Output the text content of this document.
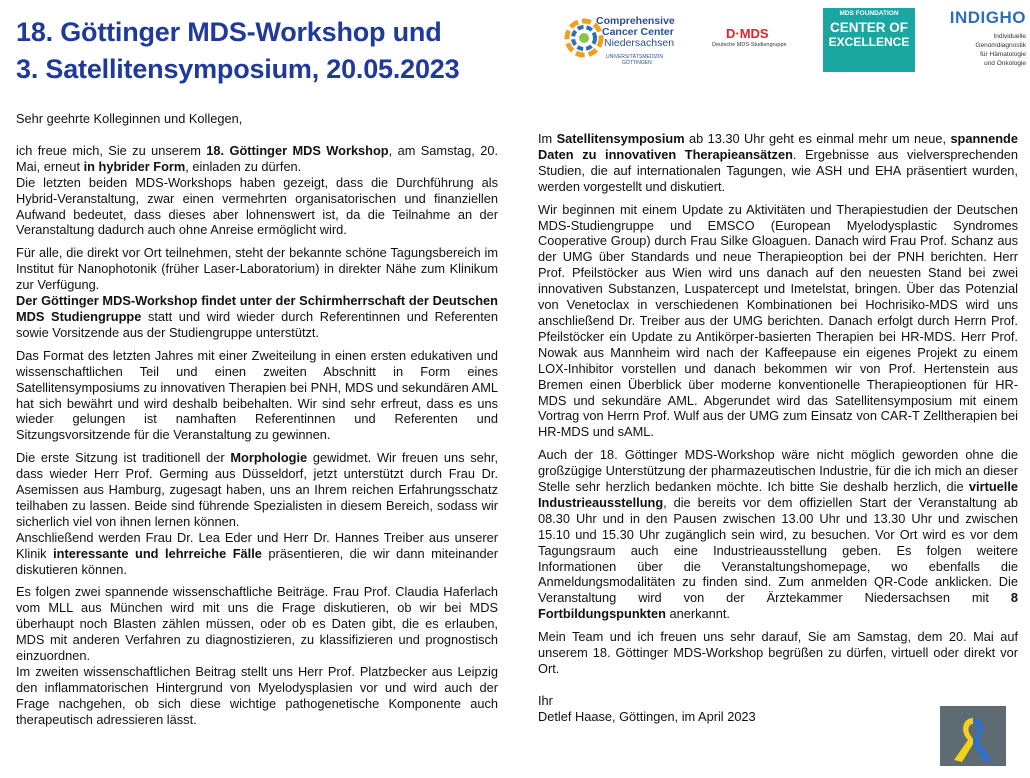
18. Göttinger MDS-Workshop und
3. Satellitensymposium, 20.05.2023
Comprehensive
Cancer Center
Niedersachsen
UNIVERSITÄTSMEDIZIN
GÖTTINGEN
D·MDS
Deutsche MDS-Studiengruppe
MDS FOUNDATION
CENTER OF
EXCELLENCE
INDIGHO
Individuelle
Genomdiagnostik
für Hämatologie
und Onkologie

Sehr geehrte Kolleginnen und Kollegen,

ich freue mich, Sie zu unserem 18. Göttinger MDS Workshop, am Samstag, 20. Mai, erneut in hybrider Form, einladen zu dürfen.

Die letzten beiden MDS-Workshops haben gezeigt, dass die Durchführung als Hybrid-Veranstaltung, zwar einen vermehrten organisatorischen und finanziellen Aufwand bedeutet, dass dieses aber lohnenswert ist, da die Teilnahme an der Veranstaltung dadurch auch ohne Anreise ermöglicht wird.

Für alle, die direkt vor Ort teilnehmen, steht der bekannte schöne Tagungsbereich im Institut für Nanophotonik (früher Laser-Laboratorium) in direkter Nähe zum Klinikum zur Verfügung.

Der Göttinger MDS-Workshop findet unter der Schirmherrschaft der Deutschen MDS Studiengruppe statt und wird wieder durch Referentinnen und Referenten sowie Vorsitzende aus der Studiengruppe unterstützt.

Das Format des letzten Jahres mit einer Zweiteilung in einen ersten edukativen und wissenschaftlichen Teil und einen zweiten Abschnitt in Form eines Satellitensymposiums zu innovativen Therapien bei PNH, MDS und sekundären AML hat sich bewährt und wird deshalb beibehalten. Wir sind sehr erfreut, dass es uns wieder gelungen ist namhaften Referentinnen und Referenten und Sitzungsvorsitzende für die Veranstaltung zu gewinnen.

Die erste Sitzung ist traditionell der Morphologie gewidmet. Wir freuen uns sehr, dass wieder Herr Prof. Germing aus Düsseldorf, jetzt unterstützt durch Frau Dr. Asemissen aus Hamburg, zugesagt haben, uns an Ihrem reichen Erfahrungsschatz teilhaben zu lassen. Beide sind führende Spezialisten in diesem Bereich, sodass wir sicherlich viel von ihnen lernen können.

Anschließend werden Frau Dr. Lea Eder und Herr Dr. Hannes Treiber aus unserer Klinik interessante und lehrreiche Fälle präsentieren, die wir dann miteinander diskutieren können.

Es folgen zwei spannende wissenschaftliche Beiträge. Frau Prof. Claudia Haferlach vom MLL aus München wird mit uns die Frage diskutieren, ob wir bei MDS überhaupt noch Blasten zählen müssen, oder ob es Daten gibt, die es erlauben, MDS mit anderen Verfahren zu diagnostizieren, zu klassifizieren und prognostisch einzuordnen.

Im zweiten wissenschaftlichen Beitrag stellt uns Herr Prof. Platzbecker aus Leipzig den inflammatorischen Hintergrund von Myelodysplasien vor und wird auch der Frage nachgehen, ob sich diese wichtige pathogenetische Komponente auch therapeutisch adressieren lässt.

Im Satellitensymposium ab 13.30 Uhr geht es einmal mehr um neue, spannende Daten zu innovativen Therapieansätzen. Ergebnisse aus vielversprechenden Studien, die auf internationalen Tagungen, wie ASH und EHA präsentiert wurden, werden vorgestellt und diskutiert.

Wir beginnen mit einem Update zu Aktivitäten und Therapiestudien der Deutschen MDS-Studiengruppe und EMSCO (European Myelodysplastic Syndromes Cooperative Group) durch Frau Silke Gloaguen. Danach wird Frau Prof. Schanz aus der UMG über Standards und neue Therapieoption bei der PNH berichten. Herr Prof. Pfeilstöcker aus Wien wird uns danach auf den neuesten Stand bei zwei innovativen Substanzen, Luspatercept und Imetelstat, bringen. Über das Potenzial von Venetoclax in verschiedenen Kombinationen bei Hochrisiko-MDS wird uns anschließend Dr. Treiber aus der UMG berichten. Danach erfolgt durch Herrn Prof. Pfeilstöcker ein Update zu Antikörper-basierten Therapien bei HR-MDS. Herr Prof. Nowak aus Mannheim wird nach der Kaffeepause ein eigenes Projekt zu einem LOX-Inhibitor vorstellen und danach bekommen wir von Prof. Hertenstein aus Bremen einen Überblick über moderne konventionelle Therapieoptionen für HR-MDS und sekundäre AML. Abgerundet wird das Satellitensymposium mit einem Vortrag von Herrn Prof. Wulf aus der UMG zum Einsatz von CAR-T Zelltherapien bei HR-MDS und sAML.

Auch der 18. Göttinger MDS-Workshop wäre nicht möglich geworden ohne die großzügige Unterstützung der pharmazeutischen Industrie, für die ich mich an dieser Stelle sehr herzlich bedanken möchte. Ich bitte Sie deshalb herzlich, die virtuelle Industrieausstellung, die bereits vor dem offiziellen Start der Veranstaltung ab 08.30 Uhr und in den Pausen zwischen 13.00 Uhr und 13.30 Uhr und zwischen 15.10 und 15.30 Uhr zugänglich sein wird, zu besuchen. Vor Ort wird es vor dem Tagungsraum auch eine Industrieausstellung geben. Es folgen weitere Informationen über die Veranstaltungshomepage, wo ebenfalls die Anmeldungsmodalitäten zu finden sind. Zum anmelden QR-Code anklicken. Die Veranstaltung wird von der Ärztekammer Niedersachsen mit 8 Fortbildungspunkten anerkannt.

Mein Team und ich freuen uns sehr darauf, Sie am Samstag, dem 20. Mai auf unserem 18. Göttinger MDS-Workshop begrüßen zu dürfen, virtuell oder direkt vor Ort.

Ihr

Detlef Haase, Göttingen, im April 2023
